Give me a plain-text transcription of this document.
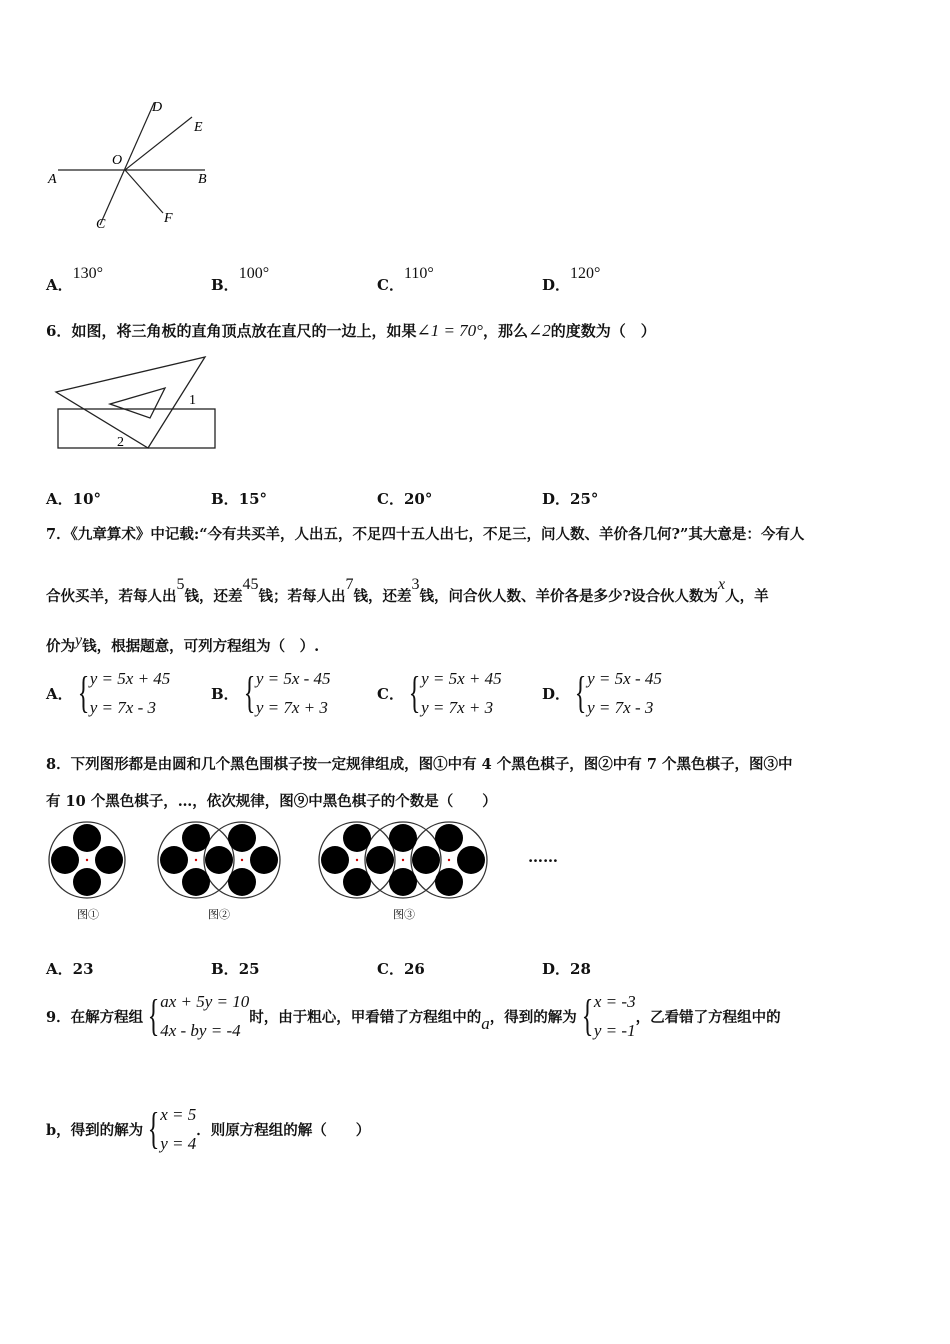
D
E
O
A	B
C	F
A．130°
B．100°
C．110°
D．120°
6．如图，将三角板的直角顶点放在直尺的一边上，如果∠1 = 70°，那么∠2的度数为（　）
1
2
A．10°	B．15°	C．20°	D．25°
7．《九章算术》中记载:“今有共买羊，人出五，不足四十五人出七，不足三，问人数、羊价各几何?”其大意是：今有人
合伙买羊，若每人出5钱，还差45钱；若每人出7钱，还差3钱，问合伙人数、羊价各是多少?设合伙人数为x人，羊
价为y钱，根据题意，可列方程组为（　）.
A． { y = 5x + 45
y = 7x - 3
B． { y = 5x - 45
y = 7x + 3
C． { y = 5x + 45
y = 7x + 3
D． { y = 5x - 45
y = 7x - 3
8．下列图形都是由圆和几个黑色围棋子按一定规律组成，图①中有 4 个黑色棋子，图②中有 7 个黑色棋子，图③中
有 10 个黑色棋子，…，依次规律，图⑨中黑色棋子的个数是（　　）
图①	图②	图③
……
A．23	B．25	C．26	D．28
9．在解方程组 { ax + 5y = 10
4x - by = -4
时，由于粗心，甲看错了方程组中的 a ，得到的解为 { x = -3
y = -1
，乙看错了方程组中的
b，得到的解为 { x = 5
y = 4
．则原方程组的解（　　）
